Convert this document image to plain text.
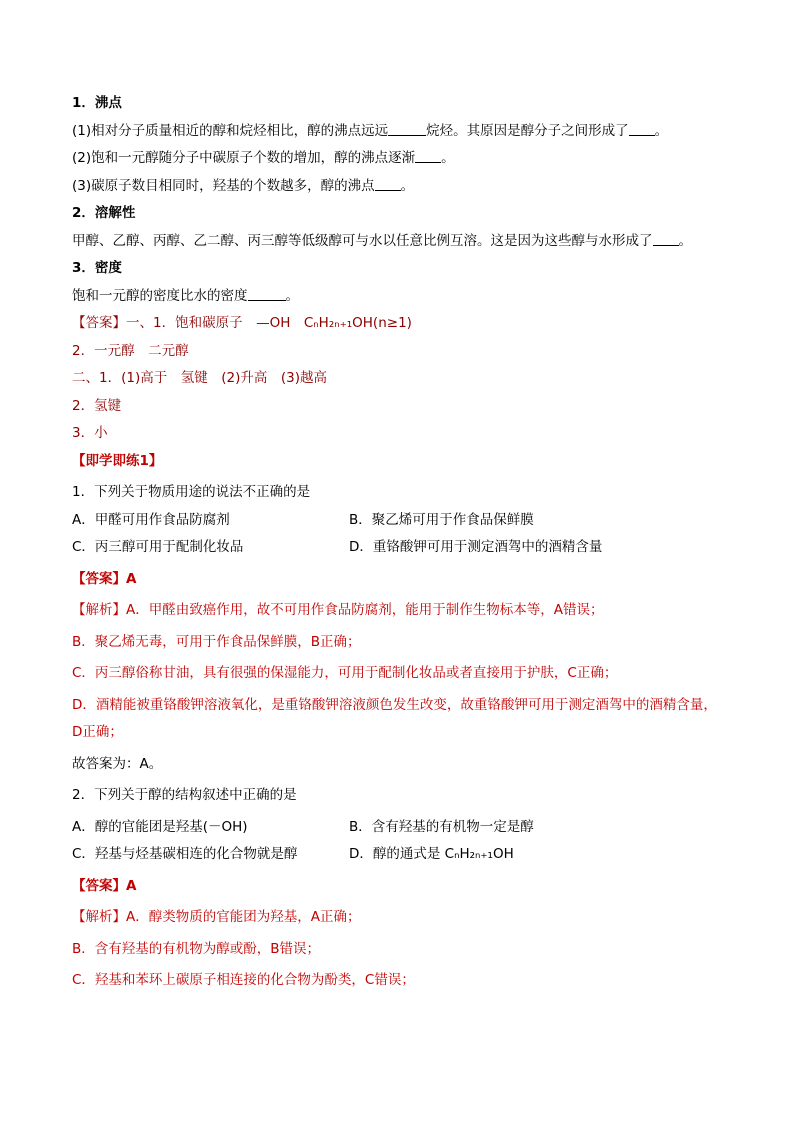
1．沸点
(1)相对分子质量相近的醇和烷烃相比，醇的沸点远远	烷烃。其原因是醇分子之间形成了 。
(2)饱和一元醇随分子中碳原子个数的增加，醇的沸点逐渐 。
(3)碳原子数目相同时，羟基的个数越多，醇的沸点 。
2．溶解性
甲醇、乙醇、丙醇、乙二醇、丙三醇等低级醇可与水以任意比例互溶。这是因为这些醇与水形成了 。
3．密度
饱和一元醇的密度比水的密度	。
【答案】一、1．饱和碳原子　—OH　CₙH₂ₙ₊₁OH(n≥1)
2．一元醇　二元醇
二、1．(1)高于　氢键　(2)升高　(3)越高
2．氢键
3．小
【即学即练1】
1．下列关于物质用途的说法不正确的是
A．甲醛可用作食品防腐剂	B．聚乙烯可用于作食品保鲜膜
C．丙三醇可用于配制化妆品	D．重铬酸钾可用于测定酒驾中的酒精含量
【答案】A
【解析】A．甲醛由致癌作用，故不可用作食品防腐剂，能用于制作生物标本等，A错误；
B．聚乙烯无毒，可用于作食品保鲜膜，B正确；
C．丙三醇俗称甘油，具有很强的保湿能力，可用于配制化妆品或者直接用于护肤，C正确；
D．酒精能被重铬酸钾溶液氧化，是重铬酸钾溶液颜色发生改变，故重铬酸钾可用于测定酒驾中的酒精含量，
D正确；
故答案为：A。
2．下列关于醇的结构叙述中正确的是
A．醇的官能团是羟基(－OH)	B．含有羟基的有机物一定是醇
C．羟基与烃基碳相连的化合物就是醇	D．醇的通式是 CₙH₂ₙ₊₁OH
【答案】A
【解析】A．醇类物质的官能团为羟基，A正确；
B．含有羟基的有机物为醇或酚，B错误；
C．羟基和苯环上碳原子相连接的化合物为酚类，C错误；
